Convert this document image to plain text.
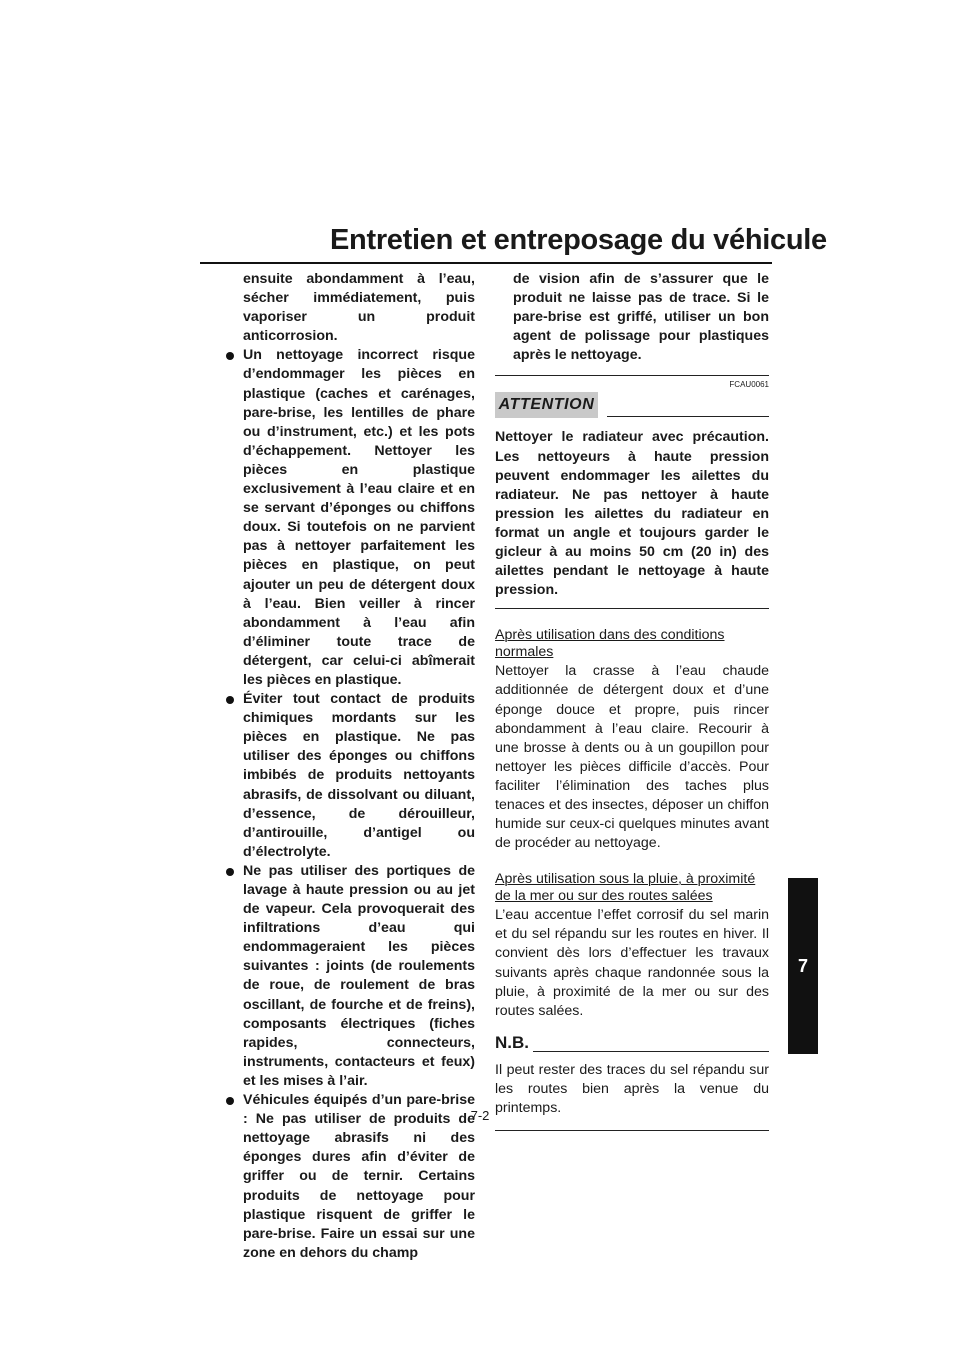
Entretien et entreposage du véhicule
7

ensuite abondamment à l’eau, sécher immédiatement, puis vaporiser un produit anticorrosion.

Un nettoyage incorrect risque d’endommager les pièces en plastique (caches et carénages, pare-brise, les lentilles de phare ou d’instrument, etc.) et les pots d’échappement. Nettoyer les pièces en plastique exclusivement à l’eau claire et en se servant d’éponges ou chiffons doux. Si toutefois on ne parvient pas à nettoyer parfaitement les pièces en plastique, on peut ajouter un peu de détergent doux à l’eau. Bien veiller à rincer abondamment à l’eau afin d’éliminer toute trace de détergent, car celui-ci abîmerait les pièces en plastique.
Éviter tout contact de produits chimiques mordants sur les pièces en plastique. Ne pas utiliser des éponges ou chiffons imbibés de produits nettoyants abrasifs, de dissolvant ou diluant, d’essence, de dérouilleur, d’antirouille, d’antigel ou d’électrolyte.
Ne pas utiliser des portiques de lavage à haute pression ou au jet de vapeur. Cela provoquerait des infiltrations d’eau qui endommageraient les pièces suivantes : joints (de roulements de roue, de roulement de bras oscillant, de fourche et de freins), composants électriques (fiches rapides, connecteurs, instruments, contacteurs et feux) et les mises à l’air.
Véhicules équipés d’un pare-brise : Ne pas utiliser de produits de nettoyage abrasifs ni des éponges dures afin d’éviter de griffer ou de ternir. Certains produits de nettoyage pour plastique risquent de griffer le pare-brise. Faire un essai sur une zone en dehors du champ

de vision afin de s’assurer que le produit ne laisse pas de trace. Si le pare-brise est griffé, utiliser un bon agent de polissage pour plastiques après le nettoyage.

FCAU0061
ATTENTION

Nettoyer le radiateur avec précaution. Les nettoyeurs à haute pression peuvent endommager les ailettes du radiateur. Ne pas nettoyer à haute pression les ailettes du radiateur en format un angle et toujours garder le gicleur à au moins 50 cm (20 in) des ailettes pendant le nettoyage à haute pression.

Après utilisation dans des conditions normales

Nettoyer la crasse à l’eau chaude additionnée de détergent doux et d’une éponge douce et propre, puis rincer abondamment à l’eau claire. Recourir à une brosse à dents ou à un goupillon pour nettoyer les pièces difficile d’accès. Pour faciliter l’élimination des taches plus tenaces et des insectes, déposer un chiffon humide sur ceux-ci quelques minutes avant de procéder au nettoyage.

Après utilisation sous la pluie, à proximité de la mer ou sur des routes salées

L’eau accentue l’effet corrosif du sel marin et du sel répandu sur les routes en hiver. Il convient dès lors d’effectuer les travaux suivants après chaque randonnée sous la pluie, à proximité de la mer ou sur des routes salées.

N.B.

Il peut rester des traces du sel répandu sur les routes bien après la venue du printemps.

7-2
